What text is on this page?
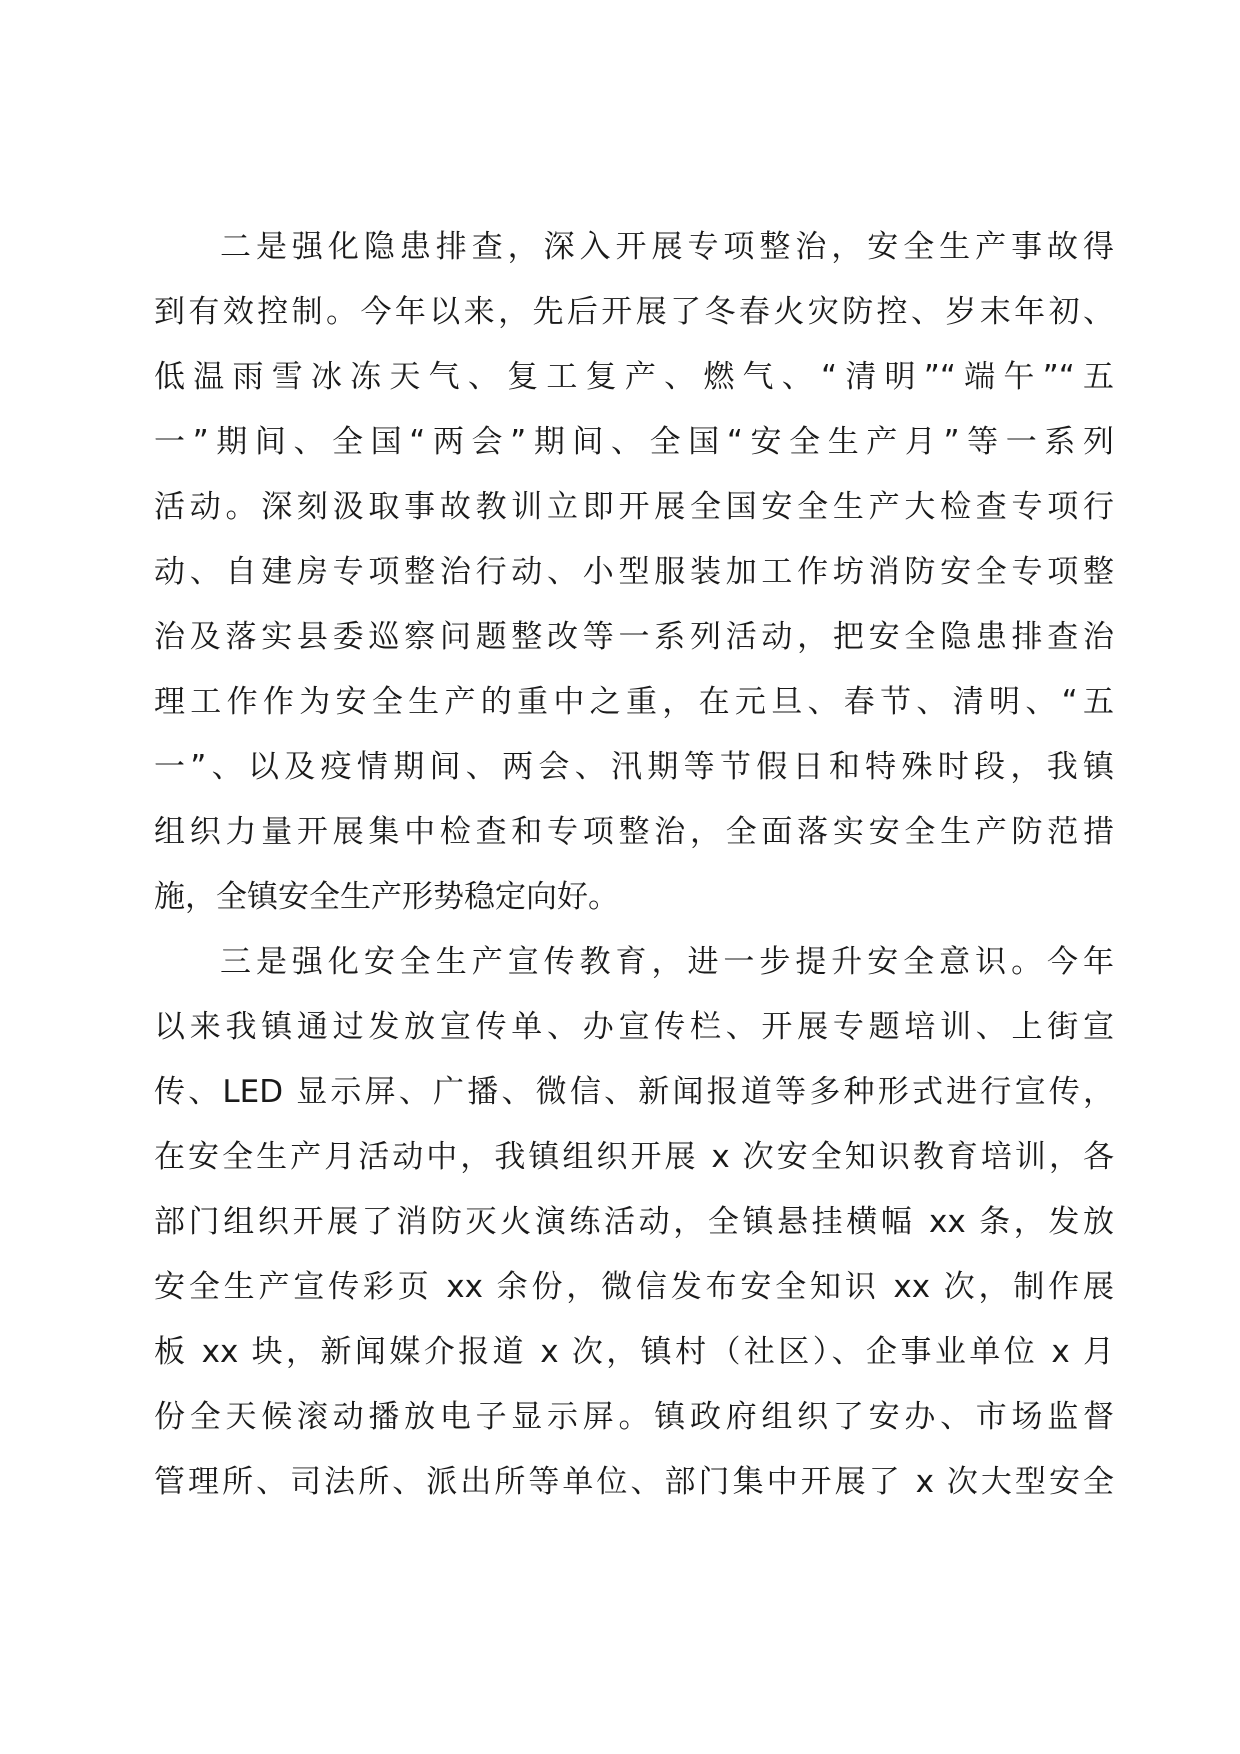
二是强化隐患排查，深入开展专项整治，安全生产事故得
到有效控制。今年以来，先后开展了冬春火灾防控、岁末年初、
低温雨雪冰冻天气、复工复产、燃气、“清明”“端午”“五
一”期间、全国“两会”期间、全国“安全生产月”等一系列
活动。深刻汲取事故教训立即开展全国安全生产大检查专项行
动、自建房专项整治行动、小型服装加工作坊消防安全专项整
治及落实县委巡察问题整改等一系列活动，把安全隐患排查治
理工作作为安全生产的重中之重，在元旦、春节、清明、“五
一”、以及疫情期间、两会、汛期等节假日和特殊时段，我镇
组织力量开展集中检查和专项整治，全面落实安全生产防范措
施，全镇安全生产形势稳定向好。
三是强化安全生产宣传教育，进一步提升安全意识。今年
以来我镇通过发放宣传单、办宣传栏、开展专题培训、上街宣
传、LED 显示屏、广播、微信、新闻报道等多种形式进行宣传，
在安全生产月活动中，我镇组织开展 x 次安全知识教育培训，各
部门组织开展了消防灭火演练活动，全镇悬挂横幅 xx 条，发放
安全生产宣传彩页 xx 余份，微信发布安全知识 xx 次，制作展
板 xx 块，新闻媒介报道 x 次，镇村（社区）、企事业单位 x 月
份全天候滚动播放电子显示屏。镇政府组织了安办、市场监督
管理所、司法所、派出所等单位、部门集中开展了 x 次大型安全
